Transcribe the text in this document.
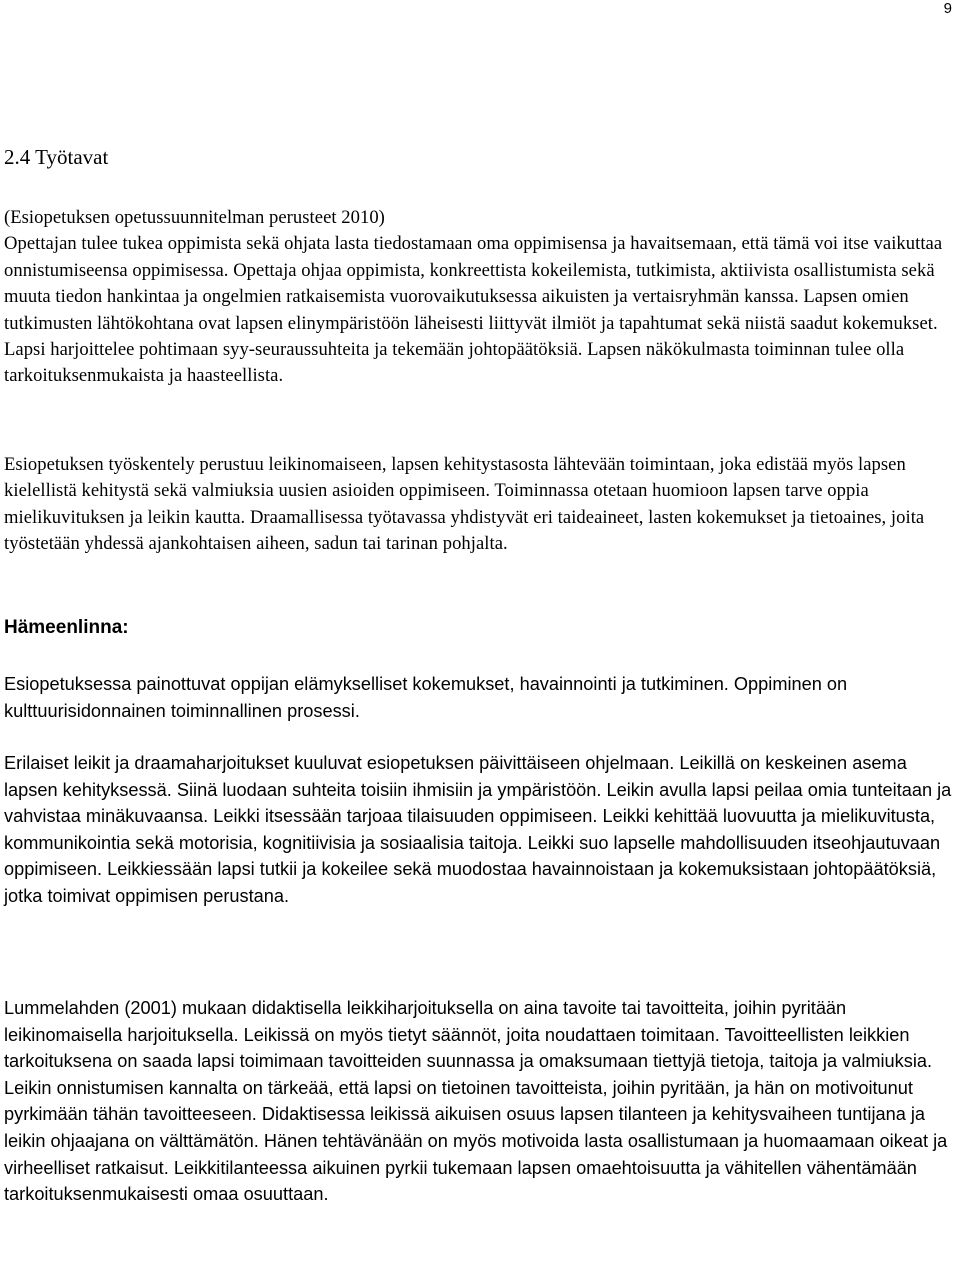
9
2.4 Työtavat

(Esiopetuksen opetussuunnitelman perusteet 2010)

Opettajan tulee tukea oppimista sekä ohjata lasta tiedostamaan oma oppimisensa ja havaitsemaan, että tämä voi itse vaikuttaa onnistumiseensa oppimisessa. Opettaja ohjaa oppimista, konkreettista kokeilemista, tutkimista, aktiivista osallistumista sekä muuta tiedon hankintaa ja ongelmien ratkaisemista vuorovaikutuksessa aikuisten ja vertaisryhmän kanssa. Lapsen omien tutkimusten lähtökohtana ovat lapsen elinympäristöön läheisesti liittyvät ilmiöt ja tapahtumat sekä niistä saadut kokemukset. Lapsi harjoittelee pohtimaan syy-seuraussuhteita ja tekemään johtopäätöksiä. Lapsen näkökulmasta toiminnan tulee olla tarkoituksenmukaista ja haasteellista.

Esiopetuksen työskentely perustuu leikinomaiseen, lapsen kehitystasosta lähtevään toimintaan, joka edistää myös lapsen kielellistä kehitystä sekä valmiuksia uusien asioiden oppimiseen. Toiminnassa otetaan huomioon lapsen tarve oppia mielikuvituksen ja leikin kautta. Draamallisessa työtavassa yhdistyvät eri taideaineet, lasten kokemukset ja tietoaines, joita työstetään yhdessä ajankohtaisen aiheen, sadun tai tarinan pohjalta.

Hämeenlinna:

Esiopetuksessa painottuvat oppijan elämykselliset kokemukset, havainnointi ja tutkiminen. Oppiminen on kulttuurisidonnainen toiminnallinen prosessi.

Erilaiset leikit ja draamaharjoitukset kuuluvat esiopetuksen päivittäiseen ohjelmaan. Leikillä on keskeinen asema lapsen kehityksessä. Siinä luodaan suhteita toisiin ihmisiin ja ympäristöön. Leikin avulla lapsi peilaa omia tunteitaan ja vahvistaa minäkuvaansa. Leikki itsessään tarjoaa tilaisuuden oppimiseen. Leikki kehittää luovuutta ja mielikuvitusta, kommunikointia sekä motorisia, kognitiivisia ja sosiaalisia taitoja. Leikki suo lapselle mahdollisuuden itseohjautuvaan oppimiseen. Leikkiessään lapsi tutkii ja kokeilee sekä muodostaa havainnoistaan ja kokemuksistaan johtopäätöksiä, jotka toimivat oppimisen perustana.

Lummelahden (2001) mukaan didaktisella leikkiharjoituksella on aina tavoite tai tavoitteita, joihin pyritään leikinomaisella harjoituksella. Leikissä on myös tietyt säännöt, joita noudattaen toimitaan. Tavoitteellisten leikkien tarkoituksena on saada lapsi toimimaan tavoitteiden suunnassa ja omaksumaan tiettyjä tietoja, taitoja ja valmiuksia. Leikin onnistumisen kannalta on tärkeää, että lapsi on tietoinen tavoitteista, joihin pyritään, ja hän on motivoitunut pyrkimään tähän tavoitteeseen. Didaktisessa leikissä aikuisen osuus lapsen tilanteen ja kehitysvaiheen tuntijana ja leikin ohjaajana on välttämätön. Hänen tehtävänään on myös motivoida lasta osallistumaan ja huomaamaan oikeat ja virheelliset ratkaisut. Leikkitilanteessa aikuinen pyrkii tukemaan lapsen omaehtoisuutta ja vähitellen vähentämään tarkoituksenmukaisesti omaa osuuttaan.
